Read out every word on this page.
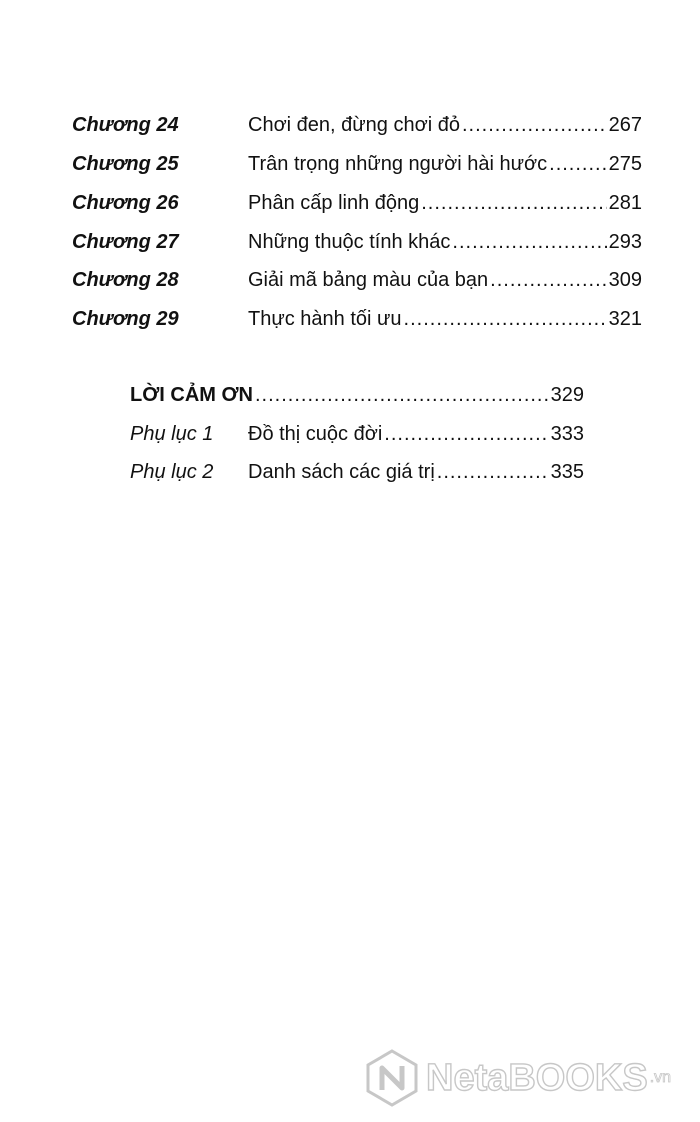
Chương 24	Chơi đen, đừng chơi đỏ .....	267
Chương 25	Trân trọng những người hài hước .....	275
Chương 26	Phân cấp linh động .....	281
Chương 27	Những thuộc tính khác .....	293
Chương 28	Giải mã bảng màu của bạn .....	309
Chương 29	Thực hành tối ưu .....	321
LỜI CẢM ƠN .....	329
Phụ lục 1 Đồ thị cuộc đời .....	333
Phụ lục 2 Danh sách các giá trị .....	335
NetaBOOKS .vn
